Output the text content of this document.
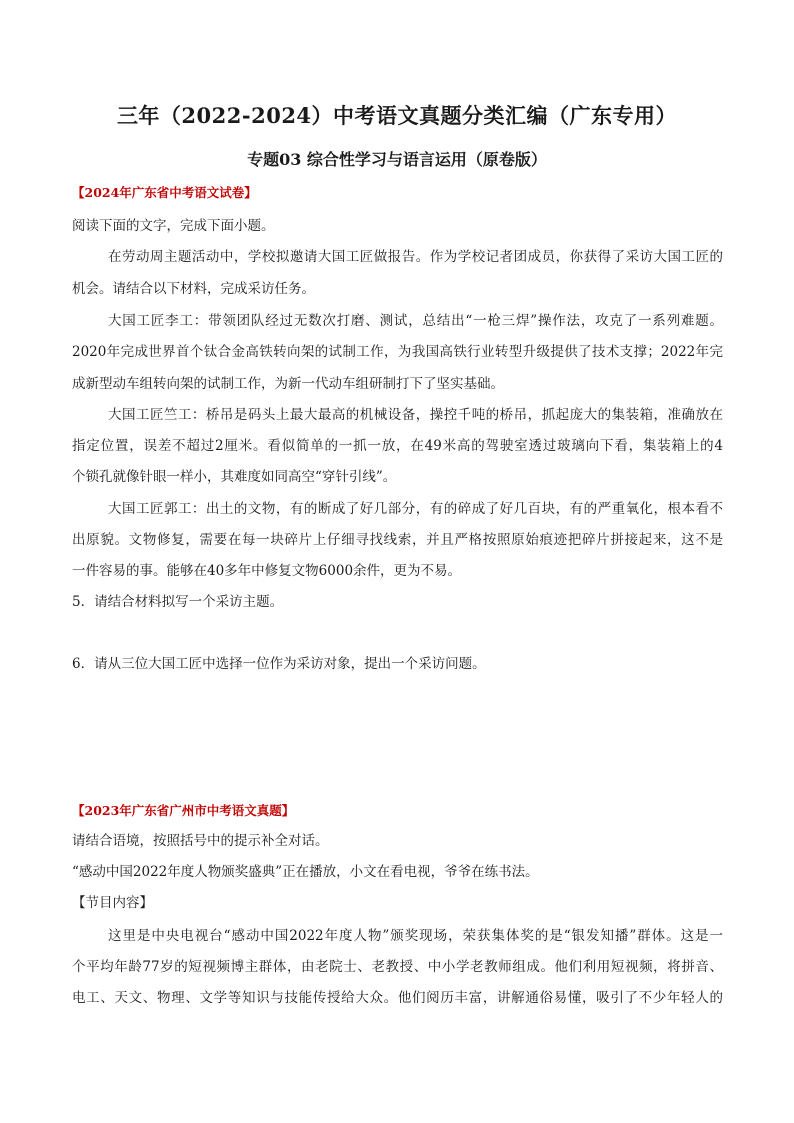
三年（2022-2024）中考语文真题分类汇编（广东专用）
专题03 综合性学习与语言运用（原卷版）
【2024年广东省中考语文试卷】
阅读下面的文字，完成下面小题。
在劳动周主题活动中，学校拟邀请大国工匠做报告。作为学校记者团成员，你获得了采访大国工匠的
机会。请结合以下材料，完成采访任务。
大国工匠李工：带领团队经过无数次打磨、测试，总结出“一枪三焊”操作法，攻克了一系列难题。
2020年完成世界首个钛合金高铁转向架的试制工作，为我国高铁行业转型升级提供了技术支撑；2022年完
成新型动车组转向架的试制工作，为新一代动车组研制打下了坚实基础。
大国工匠竺工：桥吊是码头上最大最高的机械设备，操控千吨的桥吊，抓起庞大的集装箱，准确放在
指定位置，误差不超过2厘米。看似简单的一抓一放，在49米高的驾驶室透过玻璃向下看，集装箱上的4
个锁孔就像针眼一样小，其难度如同高空“穿针引线”。
大国工匠郭工：出土的文物，有的断成了好几部分，有的碎成了好几百块，有的严重氧化，根本看不
出原貌。文物修复，需要在每一块碎片上仔细寻找线索，并且严格按照原始痕迹把碎片拼接起来，这不是
一件容易的事。能够在40多年中修复文物6000余件，更为不易。
5．请结合材料拟写一个采访主题。
6．请从三位大国工匠中选择一位作为采访对象，提出一个采访问题。
【2023年广东省广州市中考语文真题】
请结合语境，按照括号中的提示补全对话。
“感动中国2022年度人物颁奖盛典”正在播放，小文在看电视，爷爷在练书法。
【节目内容】
这里是中央电视台“感动中国2022年度人物”颁奖现场，荣获集体奖的是“银发知播”群体。这是一
个平均年龄77岁的短视频博主群体，由老院士、老教授、中小学老教师组成。他们利用短视频，将拼音、
电工、天文、物理、文学等知识与技能传授给大众。他们阅历丰富，讲解通俗易懂，吸引了不少年轻人的
